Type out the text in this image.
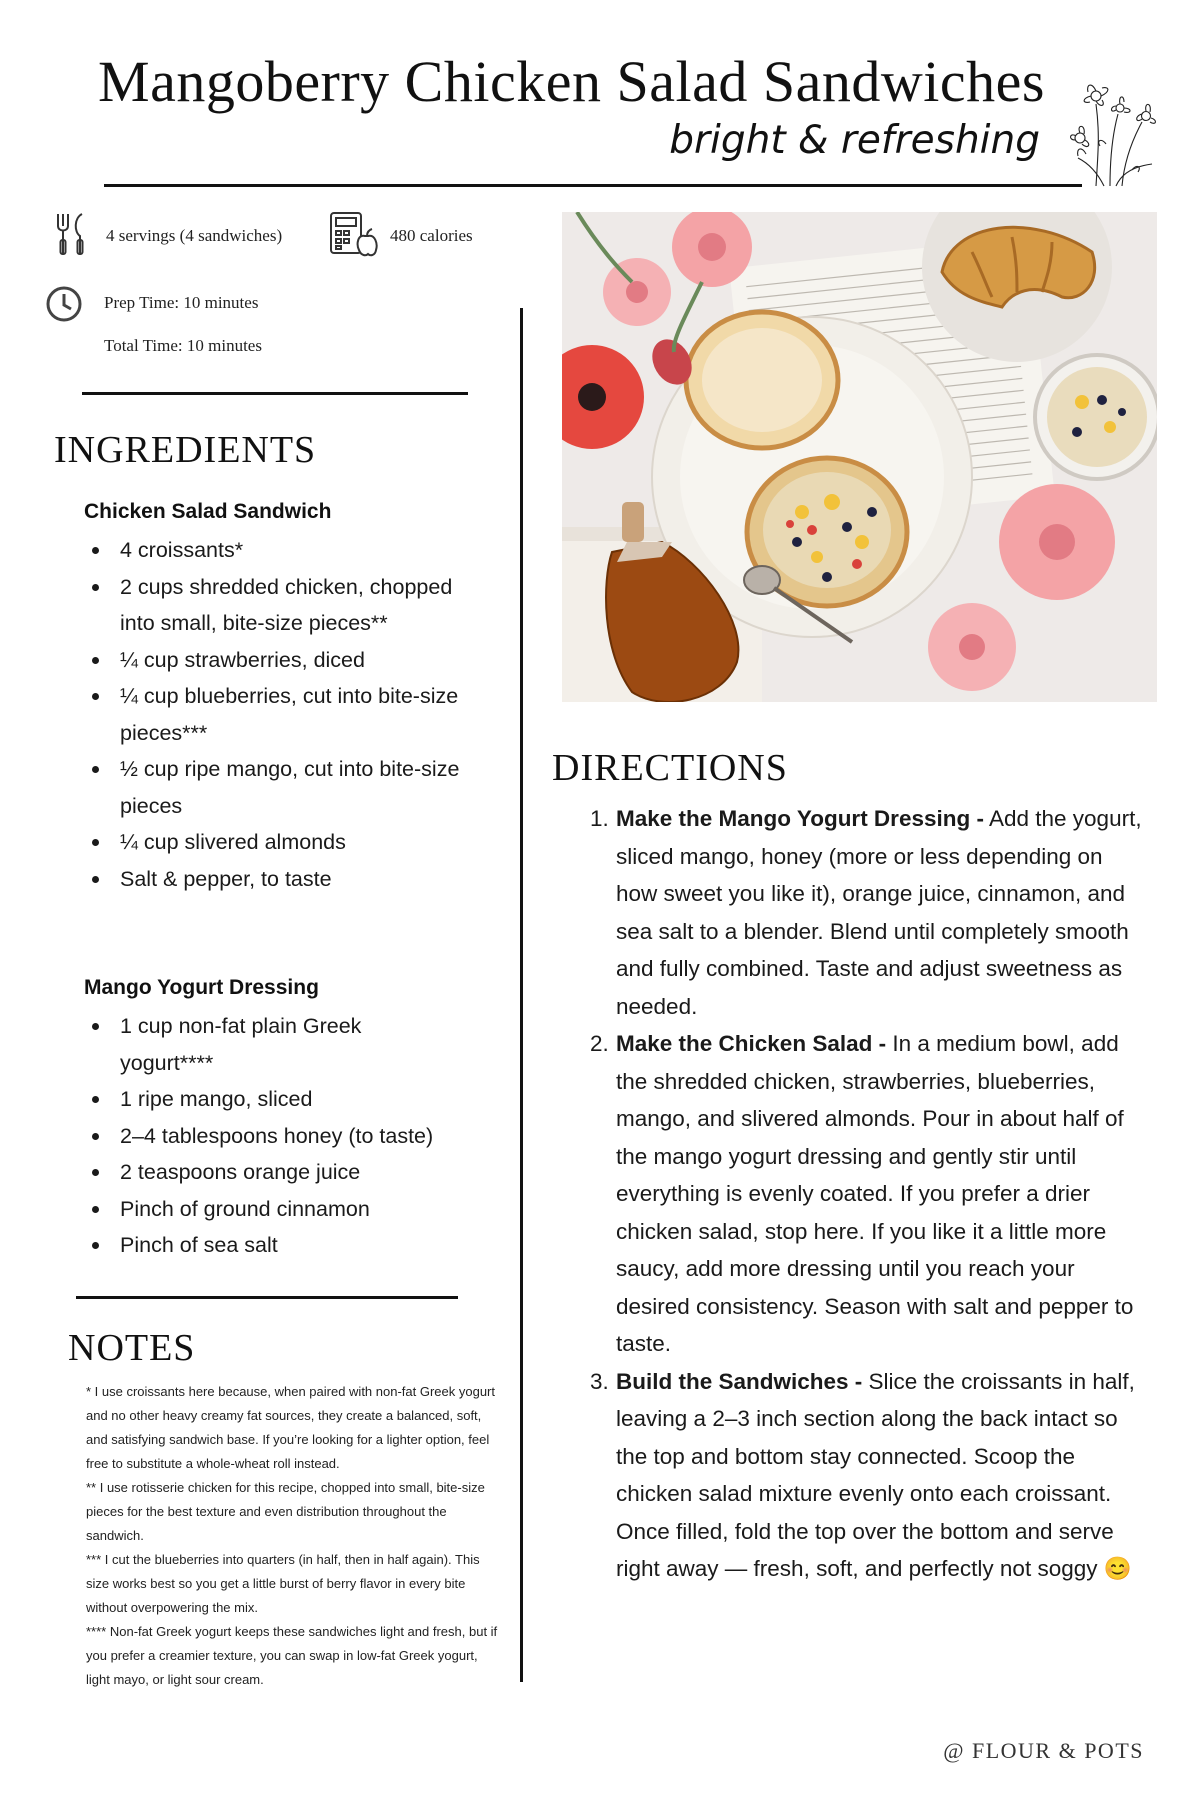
Mangoberry Chicken Salad Sandwiches
bright & refreshing
4 servings (4 sandwiches)	480 calories
Prep Time: 10 minutes
Total Time: 10 minutes
INGREDIENTS
Chicken Salad Sandwich
4 croissants*
2 cups shredded chicken, chopped into small, bite-size pieces**
¼ cup strawberries, diced
¼ cup blueberries, cut into bite-size pieces***
½ cup ripe mango, cut into bite-size pieces
¼ cup slivered almonds
Salt & pepper, to taste
Mango Yogurt Dressing
1 cup non-fat plain Greek yogurt****
1 ripe mango, sliced
2–4 tablespoons honey (to taste)
2 teaspoons orange juice
Pinch of ground cinnamon
Pinch of sea salt
NOTES

* I use croissants here because, when paired with non-fat Greek yogurt and no other heavy creamy fat sources, they create a balanced, soft, and satisfying sandwich base. If you’re looking for a lighter option, feel free to substitute a whole-wheat roll instead.

** I use rotisserie chicken for this recipe, chopped into small, bite-size pieces for the best texture and even distribution throughout the sandwich.

*** I cut the blueberries into quarters (in half, then in half again). This size works best so you get a little burst of berry flavor in every bite without overpowering the mix.

**** Non-fat Greek yogurt keeps these sandwiches light and fresh, but if you prefer a creamier texture, you can swap in low-fat Greek yogurt, light mayo, or light sour cream.

DIRECTIONS
1. Make the Mango Yogurt Dressing - Add the yogurt, sliced mango, honey (more or less depending on how sweet you like it), orange juice, cinnamon, and sea salt to a blender. Blend until completely smooth and fully combined. Taste and adjust sweetness as needed.
2. Make the Chicken Salad - In a medium bowl, add the shredded chicken, strawberries, blueberries, mango, and slivered almonds. Pour in about half of the mango yogurt dressing and gently stir until everything is evenly coated. If you prefer a drier chicken salad, stop here. If you like it a little more saucy, add more dressing until you reach your desired consistency. Season with salt and pepper to taste.
3. Build the Sandwiches - Slice the croissants in half, leaving a 2–3 inch section along the back intact so the top and bottom stay connected. Scoop the chicken salad mixture evenly onto each croissant. Once filled, fold the top over the bottom and serve right away — fresh, soft, and perfectly not soggy 😊
@ FLOUR & POTS
